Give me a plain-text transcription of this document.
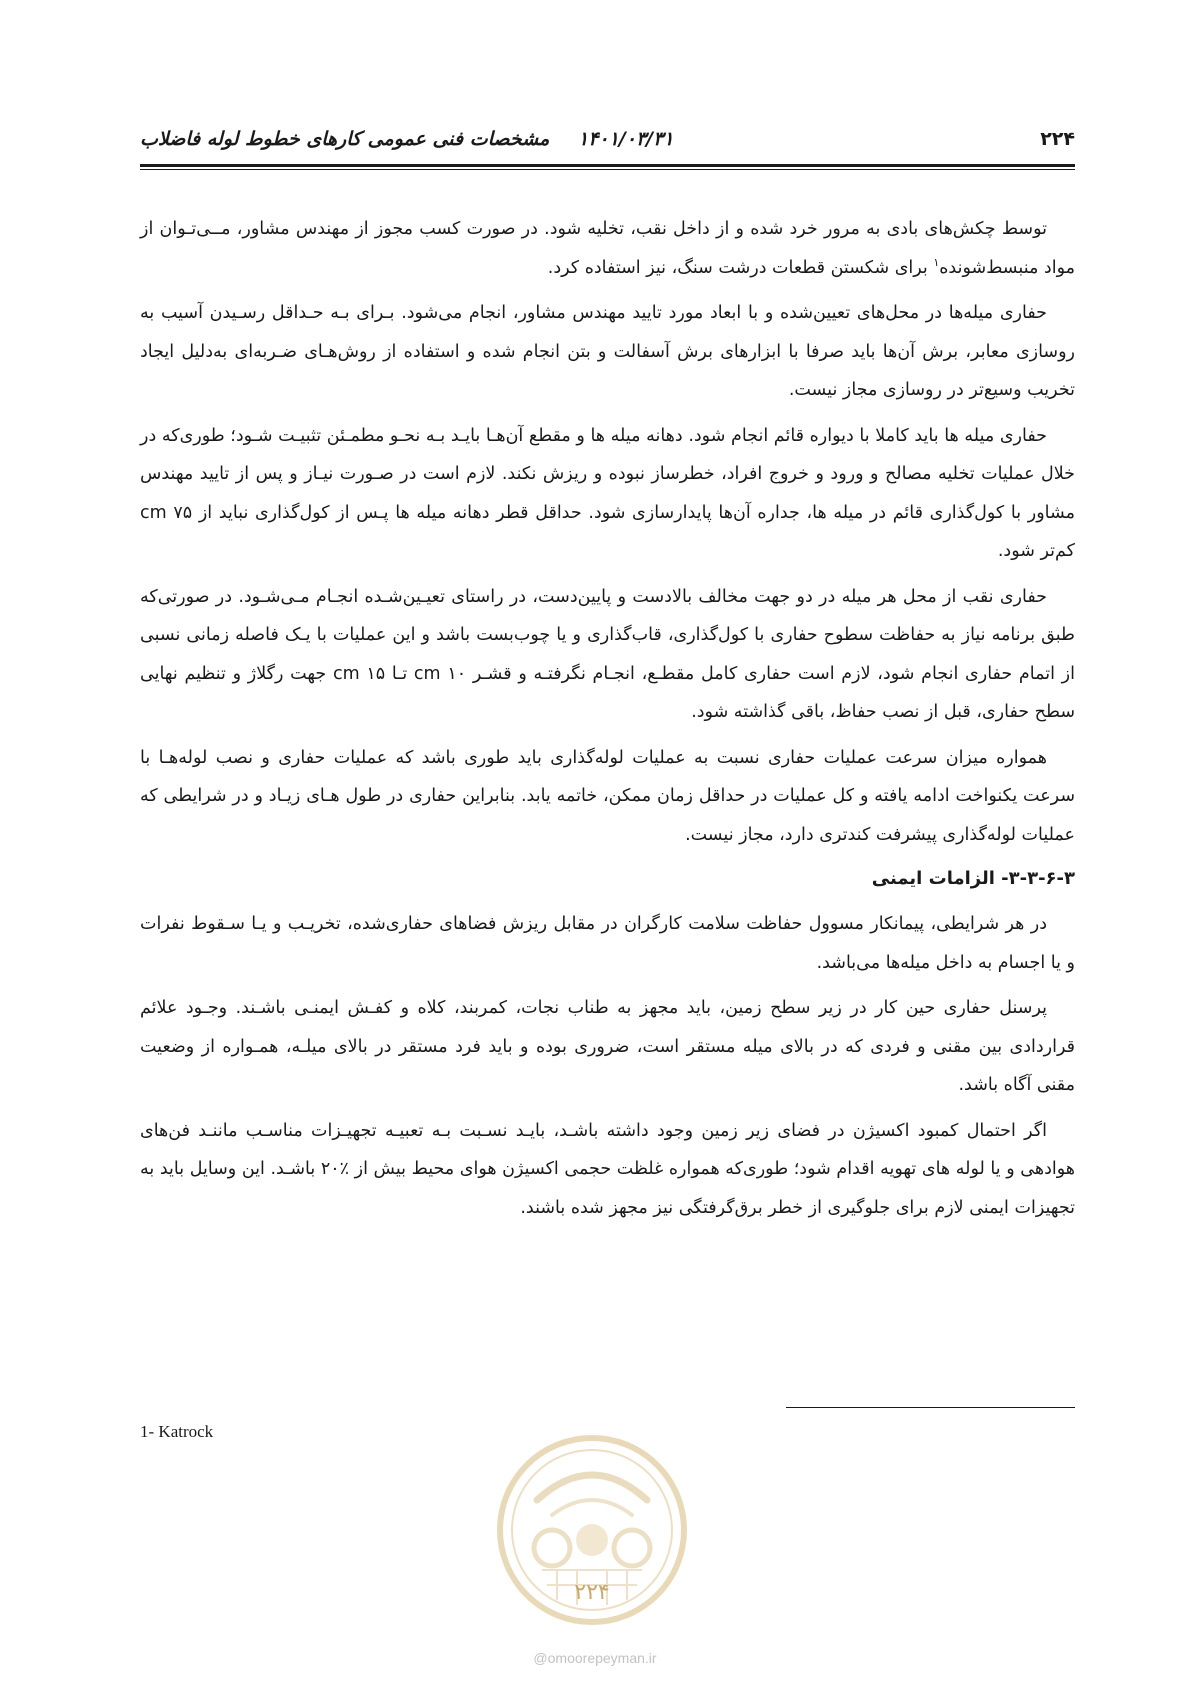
۲۲۴
۱۴۰۱/۰۳/۳۱
مشخصات فنی عمومی کارهای خطوط لوله فاضلاب

توسط چکش‌های بادی به مرور خرد شده و از داخل نقب، تخلیه شود. در صورت کسب مجوز از مهندس مشاور، مــی‌تـوان از مواد منبسط‌شونده$^۱$ برای شکستن قطعات درشت سنگ، نیز استفاده کرد.

حفاری میله‌ها در محل‌های تعیین‌شده و با ابعاد مورد تایید مهندس مشاور، انجام می‌شود. بـرای بـه حـداقل رسـیدن آسیب به روسازی معابر، برش آن‌ها باید صرفا با ابزارهای برش آسفالت و بتن انجام شده و استفاده از روش‌هـای ضـربه‌ای به‌دلیل ایجاد تخریب وسیع‌تر در روسازی مجاز نیست.

حفاری میله ها باید کاملا با دیواره قائم انجام شود. دهانه میله ها و مقطع آن‌هـا بایـد بـه نحـو مطمـئن تثبیـت شـود؛ طوری‌که در خلال عملیات تخلیه مصالح و ورود و خروج افراد، خطرساز نبوده و ریزش نکند. لازم است در صـورت نیـاز و پس از تایید مهندس مشاور با کول‌گذاری قائم در میله ها، جداره آن‌ها پایدارسازی شود. حداقل قطر دهانه میله ها پـس از کول‌گذاری نباید از ۷۵ cm کم‌تر شود.

حفاری نقب از محل هر میله در دو جهت مخالف بالادست و پایین‌دست، در راستای تعیـین‌شـده انجـام مـی‌شـود. در صورتی‌که طبق برنامه نیاز به حفاظت سطوح حفاری با کول‌گذاری، قاب‌گذاری و یا چوب‌بست باشد و این عملیات با یـک فاصله زمانی نسبی از اتمام حفاری انجام شود، لازم است حفاری کامل مقطـع، انجـام نگرفتـه و قشـر ۱۰ cm تـا ۱۵ cm جهت رگلاژ و تنظیم نهایی سطح حفاری، قبل از نصب حفاظ، باقی گذاشته شود.

همواره میزان سرعت عملیات حفاری نسبت به عملیات لوله‌گذاری باید طوری باشد که عملیات حفاری و نصب لوله‌هـا با سرعت یکنواخت ادامه یافته و کل عملیات در حداقل زمان ممکن، خاتمه یابد. بنابراین حفاری در طول هـای زیـاد و در شرایطی که عملیات لوله‌گذاری پیشرفت کندتری دارد، مجاز نیست.

۳-۳-۶-۳- الزامات ایمنی

در هر شرایطی، پیمانکار مسوول حفاظت سلامت کارگران در مقابل ریزش فضاهای حفاری‌شده، تخریـب و یـا سـقوط نفرات و یا اجسام به داخل میله‌ها می‌باشد.

پرسنل حفاری حین کار در زیر سطح زمین، باید مجهز به طناب نجات، کمربند، کلاه و کفـش ایمنـی باشـند. وجـود علائم قراردادی بین مقنی و فردی که در بالای میله مستقر است، ضروری بوده و باید فرد مستقر در بالای میلـه، همـواره از وضعیت مقنی آگاه باشد.

اگر احتمال کمبود اکسیژن در فضای زیر زمین وجود داشته باشـد، بایـد نسـبت بـه تعبیـه تجهیـزات مناسـب ماننـد فن‌های هوادهی و یا لوله های تهویه اقدام شود؛ طوری‌که همواره غلظت حجمی اکسیژن هوای محیط بیش از ٪۲۰ باشـد. این وسایل باید به تجهیزات ایمنی لازم برای جلوگیری از خطر برق‌گرفتگی نیز مجهز شده باشند.

1- Katrock
۲۲۴
@omoorepeyman.ir
